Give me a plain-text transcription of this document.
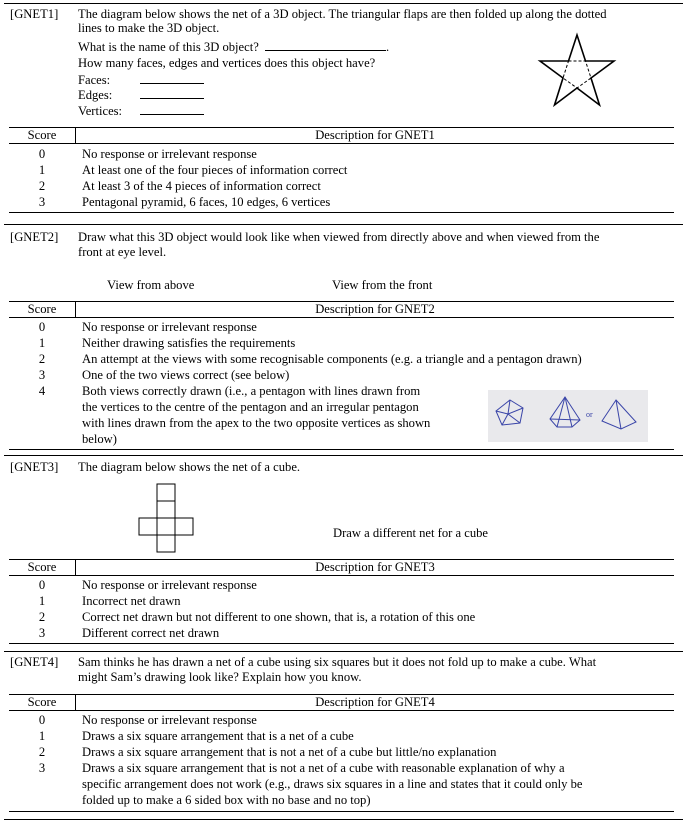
[GNET1] The diagram below shows the net of a 3D object. The triangular flaps are then folded up along the dotted
lines to make the 3D object.
What is the name of this 3D object?	.
How many faces, edges and vertices does this object have?
Faces:
Edges:
Vertices:
Score	Description for GNET1
0	No response or irrelevant response
1	At least one of the four pieces of information correct
2	At least 3 of the 4 pieces of information correct
3	Pentagonal pyramid, 6 faces, 10 edges, 6 vertices
[GNET2] Draw what this 3D object would look like when viewed from directly above and when viewed from the
front at eye level.
View from above	View from the front
Score	Description for GNET2
0	No response or irrelevant response
1	Neither drawing satisfies the requirements
2	An attempt at the views with some recognisable components (e.g. a triangle and a pentagon drawn)
3	One of the two views correct (see below)
4	Both views correctly drawn (i.e., a pentagon with lines drawn from
the vertices to the centre of the pentagon and an irregular pentagon
with lines drawn from the apex to the two opposite vertices as shown
below)
or
[GNET3] The diagram below shows the net of a cube.
Draw a different net for a cube
Score	Description for GNET3
0	No response or irrelevant response
1	Incorrect net drawn
2	Correct net drawn but not different to one shown, that is, a rotation of this one
3	Different correct net drawn
[GNET4] Sam thinks he has drawn a net of a cube using six squares but it does not fold up to make a cube. What
might Sam’s drawing look like? Explain how you know.
Score	Description for GNET4
0	No response or irrelevant response
1	Draws a six square arrangement that is a net of a cube
2	Draws a six square arrangement that is not a net of a cube but little/no explanation
3	Draws a six square arrangement that is not a net of a cube with reasonable explanation of why a
specific arrangement does not work (e.g., draws six squares in a line and states that it could only be
folded up to make a 6 sided box with no base and no top)
